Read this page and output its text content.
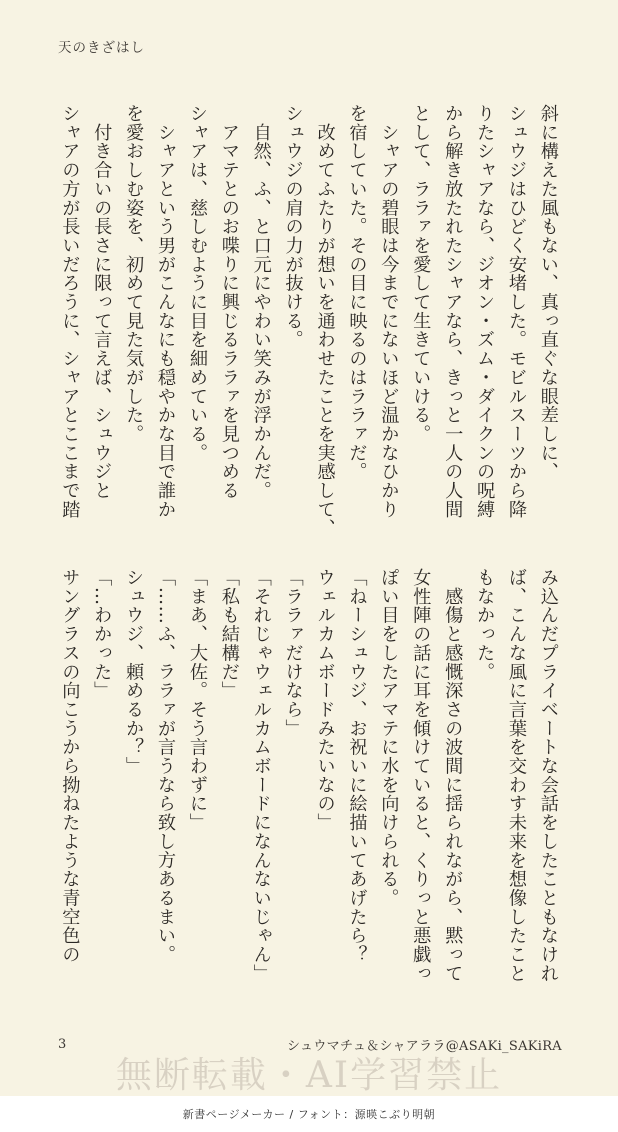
天のきざはし
斜に構えた風もない、真っ直ぐな眼差しに、
シュウジはひどく安堵した。モビルスーツから降
りたシャアなら、ジオン・ズム・ダイクンの呪縛
から解き放たれたシャアなら、きっと一人の人間
として、ララァを愛して生きていける。
　シャアの碧眼は今までにないほど温かなひかり
を宿していた。その目に映るのはララァだ。
　改めてふたりが想いを通わせたことを実感して、
シュウジの肩の力が抜ける。
　自然、ふ、と口元にやわい笑みが浮かんだ。
　アマテとのお喋りに興じるララァを見つめる
シャアは、慈しむように目を細めている。
　シャアという男がこんなにも穏やかな目で誰か
を愛おしむ姿を、初めて見た気がした。
　付き合いの長さに限って言えば、シュウジと
シャアの方が長いだろうに、シャアとここまで踏
み込んだプライベートな会話をしたこともなけれ
ば、こんな風に言葉を交わす未来を想像したこと
もなかった。
　感傷と感慨深さの波間に揺られながら、黙って
女性陣の話に耳を傾けていると、くりっと悪戯っ
ぽい目をしたアマテに水を向けられる。
「ねーシュウジ、お祝いに絵描いてあげたら？
ウェルカムボードみたいなの」
「ララァだけなら」
「それじゃウェルカムボードになんないじゃん」
「私も結構だ」
「まあ、大佐。そう言わずに」
「……ふ、ララァが言うなら致し方あるまい。
シュウジ、頼めるか？」
「…わかった」
サングラスの向こうから拗ねたような青空色の
3	シュウマチュ＆シャアララ@ASAKi_SAKiRA
無断転載・AI学習禁止
新書ページメーカー / フォント：源暎こぶり明朝
